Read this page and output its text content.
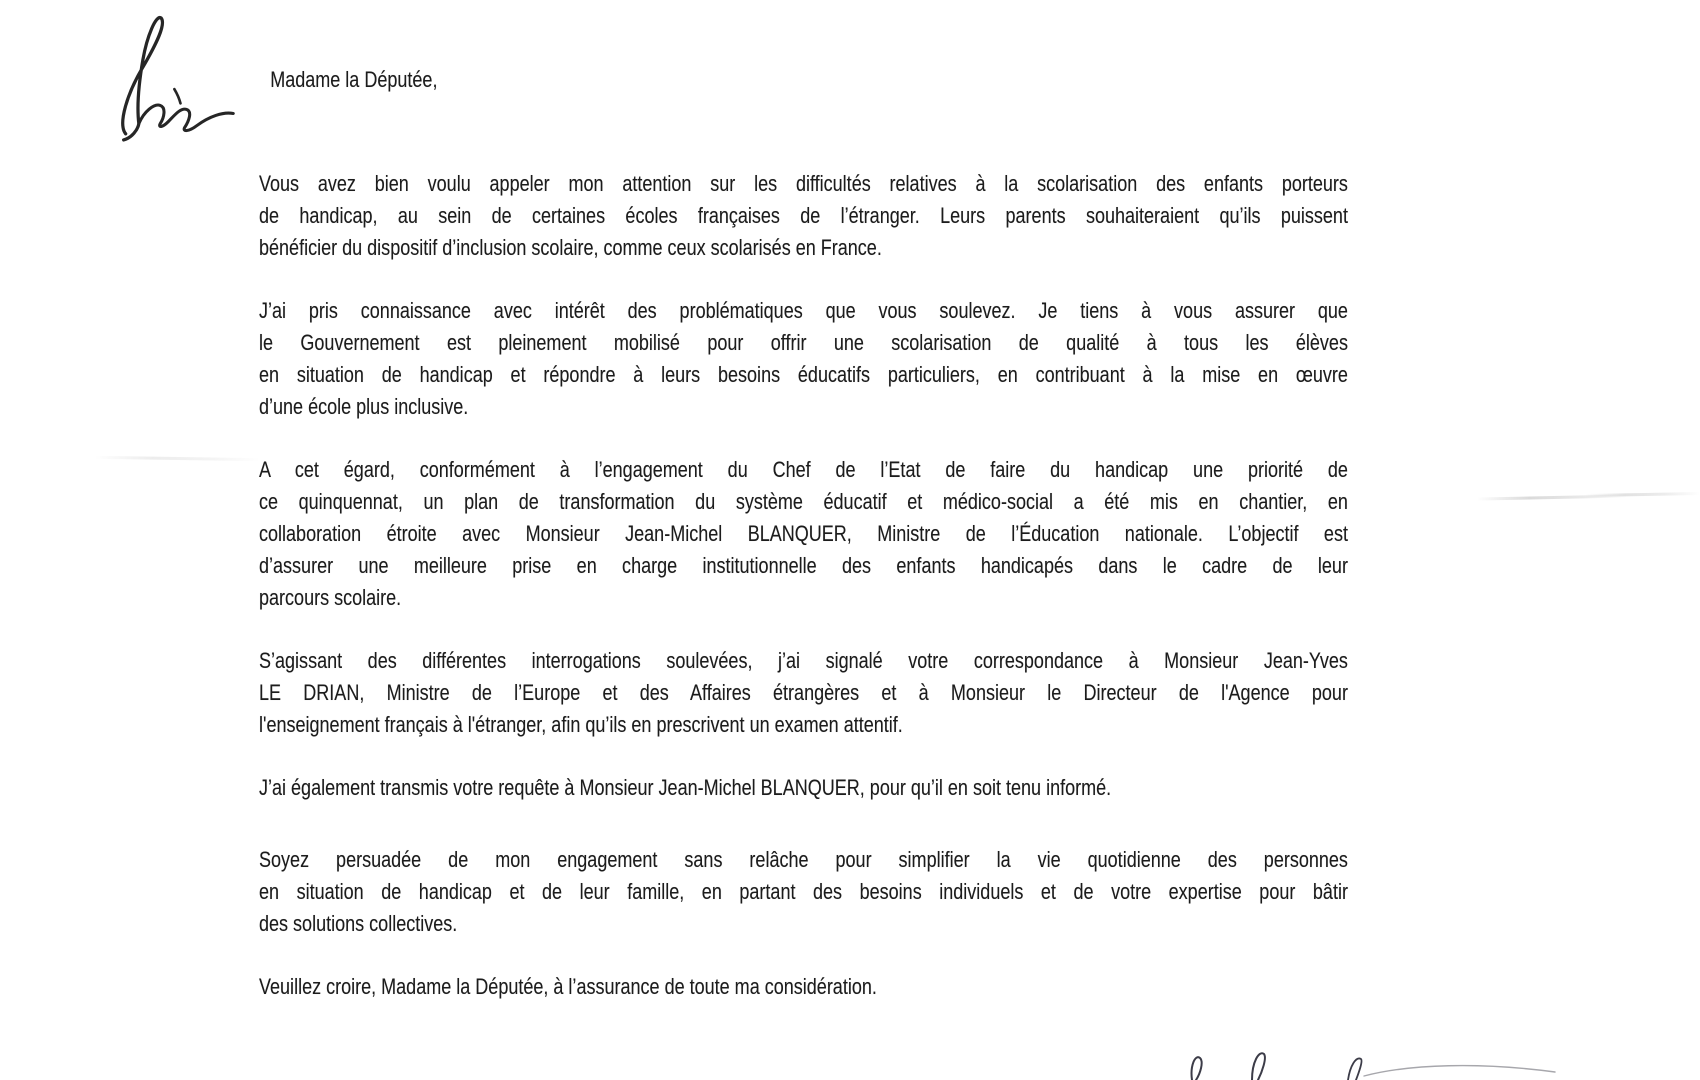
Madame la Députée,
Vous avez bien voulu appeler mon attention sur les difficultés relatives à la scolarisation des enfants porteurs
de handicap, au sein de certaines écoles françaises de l’étranger. Leurs parents souhaiteraient qu’ils puissent
bénéficier du dispositif d’inclusion scolaire, comme ceux scolarisés en France.
J’ai pris connaissance avec intérêt des problématiques que vous soulevez. Je tiens à vous assurer que
le Gouvernement est pleinement mobilisé pour offrir une scolarisation de qualité à tous les élèves
en situation de handicap et répondre à leurs besoins éducatifs particuliers, en contribuant à la mise en œuvre
d’une école plus inclusive.
A cet égard, conformément à l’engagement du Chef de l’Etat de faire du handicap une priorité de
ce quinquennat, un plan de transformation du système éducatif et médico-social a été mis en chantier, en
collaboration étroite avec Monsieur Jean-Michel BLANQUER, Ministre de l’Éducation nationale. L’objectif est
d’assurer une meilleure prise en charge institutionnelle des enfants handicapés dans le cadre de leur
parcours scolaire.
S’agissant des différentes interrogations soulevées, j’ai signalé votre correspondance à Monsieur Jean-Yves
LE DRIAN, Ministre de l’Europe et des Affaires étrangères et à Monsieur le Directeur de l'Agence pour
l'enseignement français à l'étranger, afin qu’ils en prescrivent un examen attentif.
J’ai également transmis votre requête à Monsieur Jean-Michel BLANQUER, pour qu’il en soit tenu informé.
Soyez persuadée de mon engagement sans relâche pour simplifier la vie quotidienne des personnes
en situation de handicap et de leur famille, en partant des besoins individuels et de votre expertise pour bâtir
des solutions collectives.
Veuillez croire, Madame la Députée, à l’assurance de toute ma considération.
